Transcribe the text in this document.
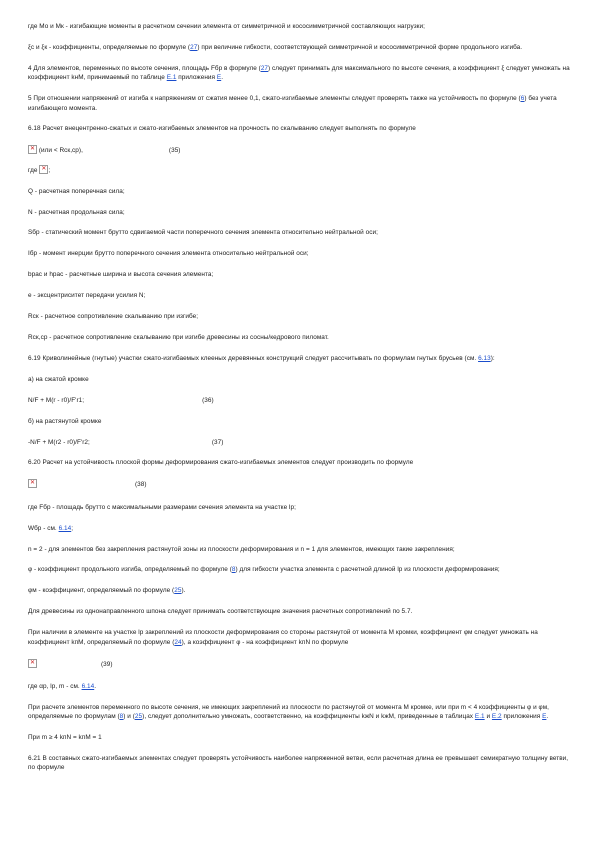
где Мо и Мк - изгибающие моменты в расчетном сечении элемента от симметричной и кососимметричной составляющих нагрузки;

ξс и ξк - коэффициенты, определяемые по формуле (27) при величине гибкости, соответствующей симметричной и кососимметричной форме продольного изгиба.

4 Для элементов, переменных по высоте сечения, площадь Fбр в формуле (27) следует принимать для максимального по высоте сечения, а коэффициент ξ следует умножать на коэффициент kнМ, принимаемый по таблице Е.1 приложения Е.

5 При отношении напряжений от изгиба к напряжениям от сжатия менее 0,1, сжато-изгибаемые элементы следует проверять также на устойчивость по формуле (6) без учета изгибающего момента.

6.18 Расчет внецентренно-сжатых и сжато-изгибаемых элементов на прочность по скалыванию следует выполнять по формуле

✕ (или < Rск,ср),	(35)

где ✕ ;

Q - расчетная поперечная сила;

N - расчетная продольная сила;

Sбр - статический момент брутто сдвигаемой части поперечного сечения элемента относительно нейтральной оси;

Iбр - момент инерции брутто поперечного сечения элемента относительно нейтральной оси;

bрас и hрас - расчетные ширина и высота сечения элемента;

e - эксцентриситет передачи усилия N;

Rск - расчетное сопротивление скалыванию при изгибе;

Rск,ср - расчетное сопротивление скалыванию при изгибе древесины из сосны/кедрового пиломат.

6.19 Криволинейные (гнутые) участки сжато-изгибаемых клееных деревянных конструкций следует рассчитывать по формулам гнутых брусьев (см. 6.13):

а) на сжатой кромке

N/F + M(r - r0)/F'r1;	(36)

б) на растянутой кромке

-N/F + M(r2 - r0)/F'r2;	(37)

6.20 Расчет на устойчивость плоской формы деформирования сжато-изгибаемых элементов следует производить по формуле

✕(38)

где Fбр - площадь брутто с максимальными размерами сечения элемента на участке lр;

Wбр - см. 6.14;

n = 2 - для элементов без закрепления растянутой зоны из плоскости деформирования и n = 1 для элементов, имеющих такие закрепления;

φ - коэффициент продольного изгиба, определяемый по формуле (8) для гибкости участка элемента с расчетной длиной lр из плоскости деформирования;

φм - коэффициент, определяемый по формуле (25).

Для древесины из однонаправленного шпона следует принимать соответствующие значения расчетных сопротивлений по 5.7.

При наличии в элементе на участке lр закреплений из плоскости деформирования со стороны растянутой от момента M кромки, коэффициент φм следует умножать на коэффициент kпМ, определяемый по формуле (24), а коэффициент φ - на коэффициент kпN по формуле

✕(39)

где αр, lр, m - см. 6.14.

При расчете элементов переменного по высоте сечения, не имеющих закреплений из плоскости по растянутой от момента M кромке, или при m < 4 коэффициенты φ и φм, определяемые по формулам (8) и (25), следует дополнительно умножать, соответственно, на коэффициенты kжN и kжМ, приведенные в таблицах Е.1 и Е.2 приложения Е.

При m ≥ 4 kпN = kпМ = 1

6.21 В составных сжато-изгибаемых элементах следует проверять устойчивость наиболее напряженной ветви, если расчетная длина ее превышает семикратную толщину ветви, по формуле
